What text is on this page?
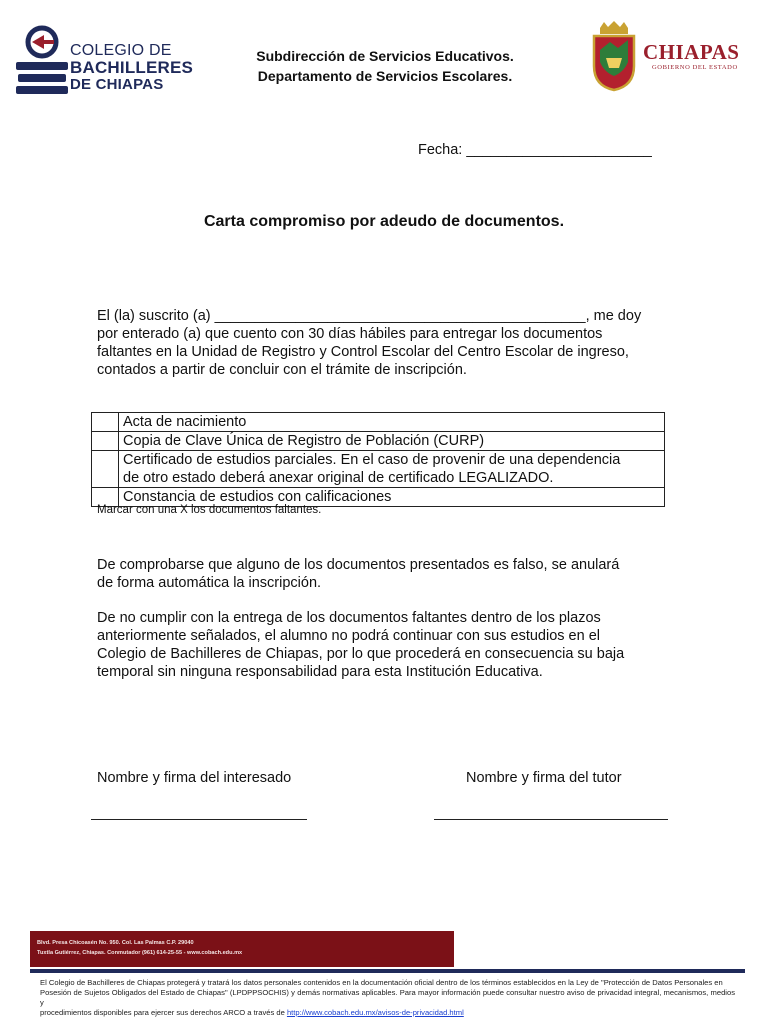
COLEGIO DE
BACHILLERES
DE CHIAPAS
Subdirección de Servicios Educativos.
Departamento de Servicios Escolares.
CHIAPAS
GOBIERNO DEL ESTADO
Fecha: _______________________
Carta compromiso por adeudo de documentos.
El (la) suscrito (a) ______________________________________________, me doy
por enterado (a) que cuento con 30 días hábiles para entregar los documentos
faltantes en la Unidad de Registro y Control Escolar del Centro Escolar de ingreso,
contados a partir de concluir con el trámite de inscripción.

	Acta de nacimiento

	Copia de Clave Única de Registro de Población (CURP)

	Certificado de estudios parciales. En el caso de provenir de una dependencia
de otro estado deberá anexar original de certificado LEGALIZADO.

	Constancia de estudios con calificaciones
Marcar con una X los documentos faltantes.
De comprobarse que alguno de los documentos presentados es falso, se anulará
de forma automática la inscripción.
De no cumplir con la entrega de los documentos faltantes dentro de los plazos
anteriormente señalados, el alumno no podrá continuar con sus estudios en el
Colegio de Bachilleres de Chiapas, por lo que procederá en consecuencia su baja
temporal sin ninguna responsabilidad para esta Institución Educativa.
Nombre y firma del interesado	Nombre y firma del tutor
Blvd. Presa Chicoasén No. 950. Col. Las Palmas C.P. 29040
Tuxtla Gutiérrez, Chiapas. Conmutador (961) 614-25-55 - www.cobach.edu.mx
El Colegio de Bachilleres de Chiapas protegerá y tratará los datos personales contenidos en la documentación oficial dentro de los términos establecidos en la Ley de "Protección de Datos Personales en
Posesión de Sujetos Obligados del Estado de Chiapas" (LPDPPSOCHIS) y demás normativas aplicables. Para mayor información puede consultar nuestro aviso de privacidad integral, mecanismos, medios y
procedimientos disponibles para ejercer sus derechos ARCO a través de http://www.cobach.edu.mx/avisos-de-privacidad.html
